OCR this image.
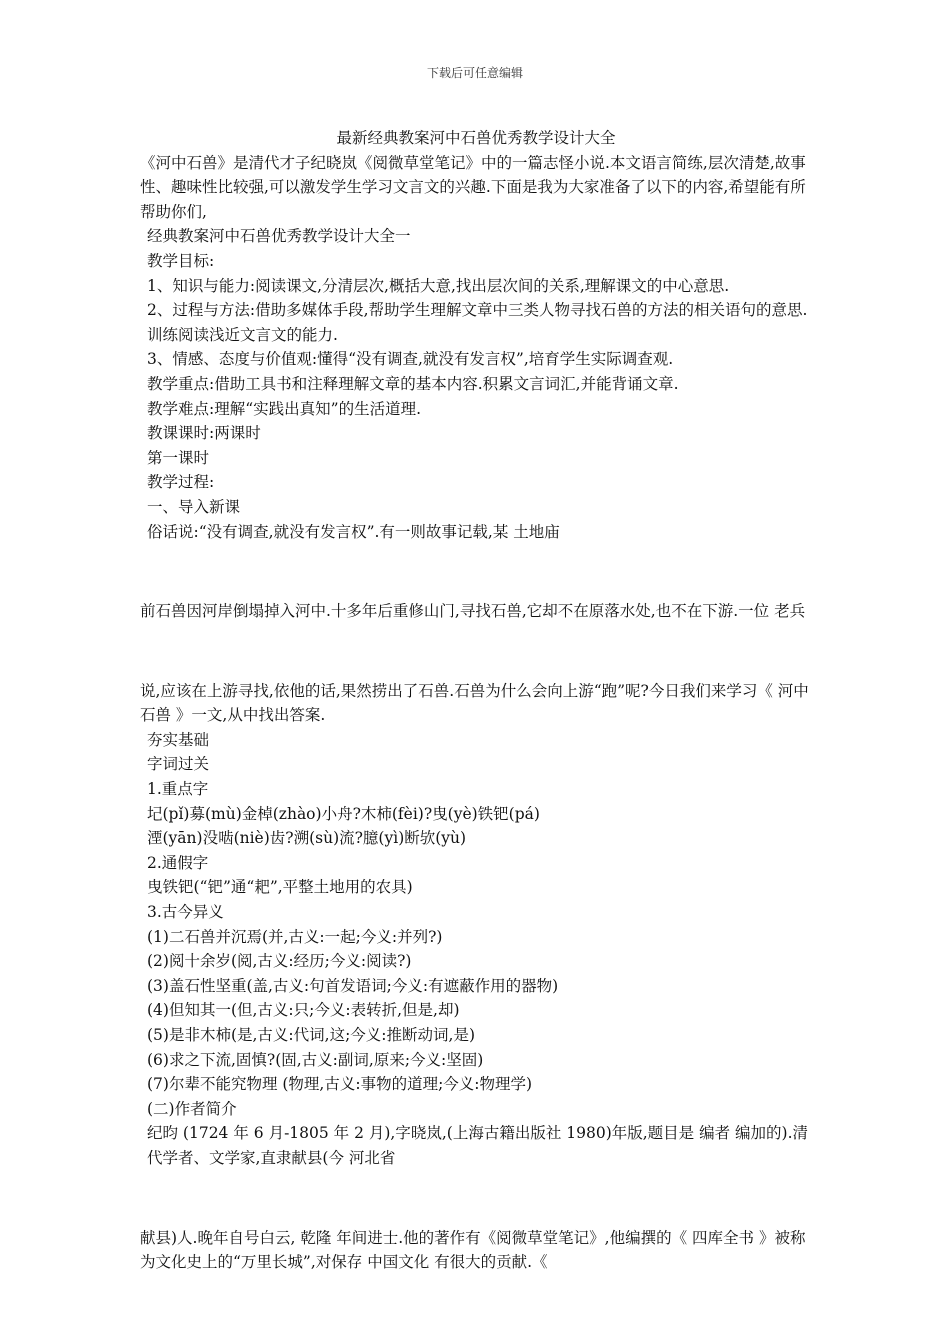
下载后可任意编辑
最新经典教案河中石兽优秀教学设计大全

《河中石兽》是清代才子纪晓岚《阅微草堂笔记》中的一篇志怪小说.本文语言简练,层次清楚,故事性、趣味性比较强,可以激发学生学习文言文的兴趣.下面是我为大家准备了以下的内容,希望能有所帮助你们,

经典教案河中石兽优秀教学设计大全一

教学目标:

1、知识与能力:阅读课文,分清层次,概括大意,找出层次间的关系,理解课文的中心意思.

2、过程与方法:借助多媒体手段,帮助学生理解文章中三类人物寻找石兽的方法的相关语句的意思.训练阅读浅近文言文的能力.

3、情感、态度与价值观:懂得“没有调查,就没有发言权”,培育学生实际调查观.

教学重点:借助工具书和注释理解文章的基本内容.积累文言词汇,并能背诵文章.

教学难点:理解“实践出真知”的生活道理.

教课课时:两课时

第一课时

教学过程:

一、导入新课

俗话说:“没有调查,就没有发言权”.有一则故事记载,某 土地庙

前石兽因河岸倒塌掉入河中.十多年后重修山门,寻找石兽,它却不在原落水处,也不在下游.一位 老兵

说,应该在上游寻找,依他的话,果然捞出了石兽.石兽为什么会向上游“跑”呢?今日我们来学习《 河中石兽 》一文,从中找出答案.

夯实基础

字词过关

1.重点字

圮(pǐ)募(mù)金棹(zhào)小舟?木柿(fèi)?曳(yè)铁钯(pá)

湮(yān)没啮(niè)齿?溯(sù)流?臆(yì)断欤(yù)

2.通假字

曳铁钯(“钯”通“耙”,平整土地用的农具)

3.古今异义

(1)二石兽并沉焉(并,古义:一起;今义:并列?)

(2)阅十余岁(阅,古义:经历;今义:阅读?)

(3)盖石性坚重(盖,古义:句首发语词;今义:有遮蔽作用的器物)

(4)但知其一(但,古义:只;今义:表转折,但是,却)

(5)是非木柿(是,古义:代词,这;今义:推断动词,是)

(6)求之下流,固慎?(固,古义:副词,原来;今义:坚固)

(7)尔辈不能究物理 (物理,古义:事物的道理;今义:物理学)

(二)作者简介

纪昀 (1724 年 6 月-1805 年 2 月),字晓岚,(上海古籍出版社 1980)年版,题目是 编者 编加的).清代学者、文学家,直隶献县(今 河北省

献县)人.晚年自号白云, 乾隆 年间进士.他的著作有《阅微草堂笔记》,他编撰的《 四库全书 》被称为文化史上的“万里长城”,对保存 中国文化 有很大的贡献.《
